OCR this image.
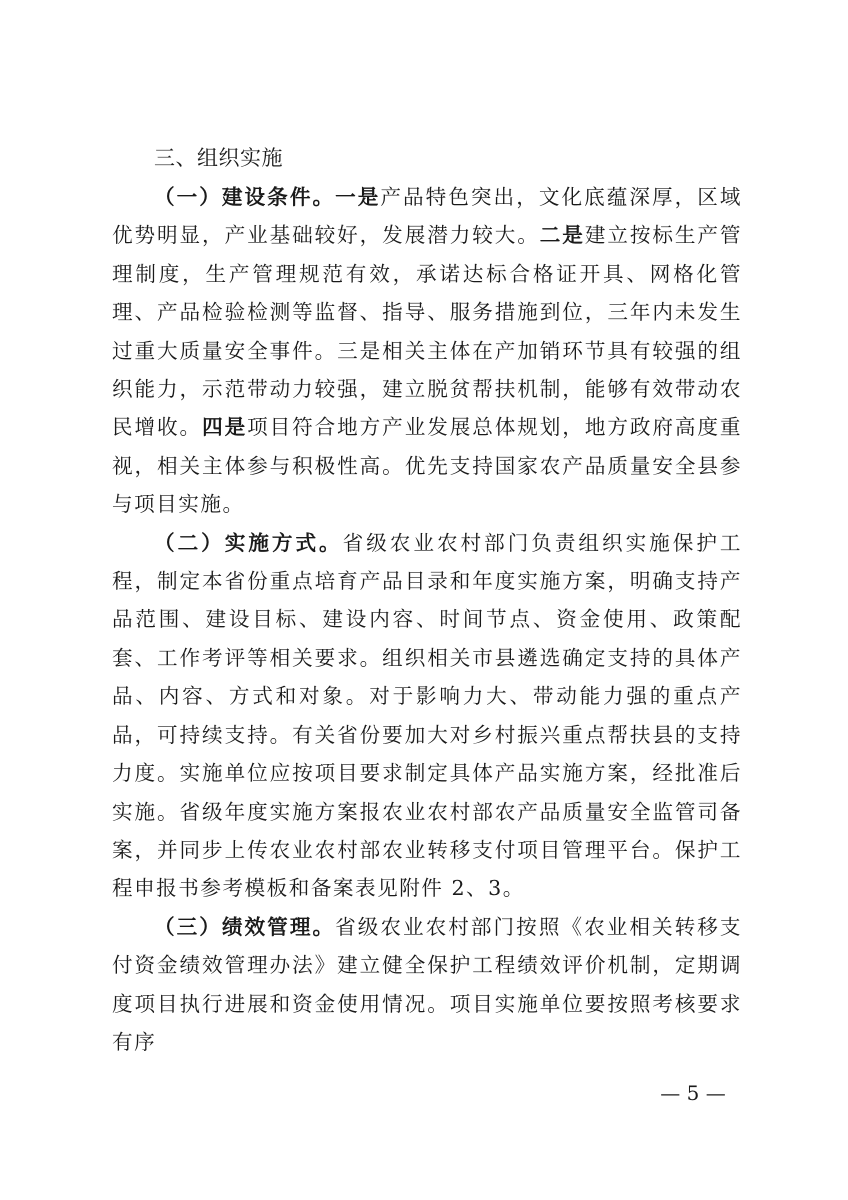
三、组织实施

（一）建设条件。一是产品特色突出，文化底蕴深厚，区域优势明显，产业基础较好，发展潜力较大。二是建立按标生产管理制度，生产管理规范有效，承诺达标合格证开具、网格化管理、产品检验检测等监督、指导、服务措施到位，三年内未发生过重大质量安全事件。三是相关主体在产加销环节具有较强的组织能力，示范带动力较强，建立脱贫帮扶机制，能够有效带动农民增收。四是项目符合地方产业发展总体规划，地方政府高度重视，相关主体参与积极性高。优先支持国家农产品质量安全县参与项目实施。

（二）实施方式。省级农业农村部门负责组织实施保护工程，制定本省份重点培育产品目录和年度实施方案，明确支持产品范围、建设目标、建设内容、时间节点、资金使用、政策配套、工作考评等相关要求。组织相关市县遴选确定支持的具体产品、内容、方式和对象。对于影响力大、带动能力强的重点产品，可持续支持。有关省份要加大对乡村振兴重点帮扶县的支持力度。实施单位应按项目要求制定具体产品实施方案，经批准后实施。省级年度实施方案报农业农村部农产品质量安全监管司备案，并同步上传农业农村部农业转移支付项目管理平台。保护工程申报书参考模板和备案表见附件 2、3。

（三）绩效管理。省级农业农村部门按照《农业相关转移支付资金绩效管理办法》建立健全保护工程绩效评价机制，定期调度项目执行进展和资金使用情况。项目实施单位要按照考核要求有序

— 5 —
